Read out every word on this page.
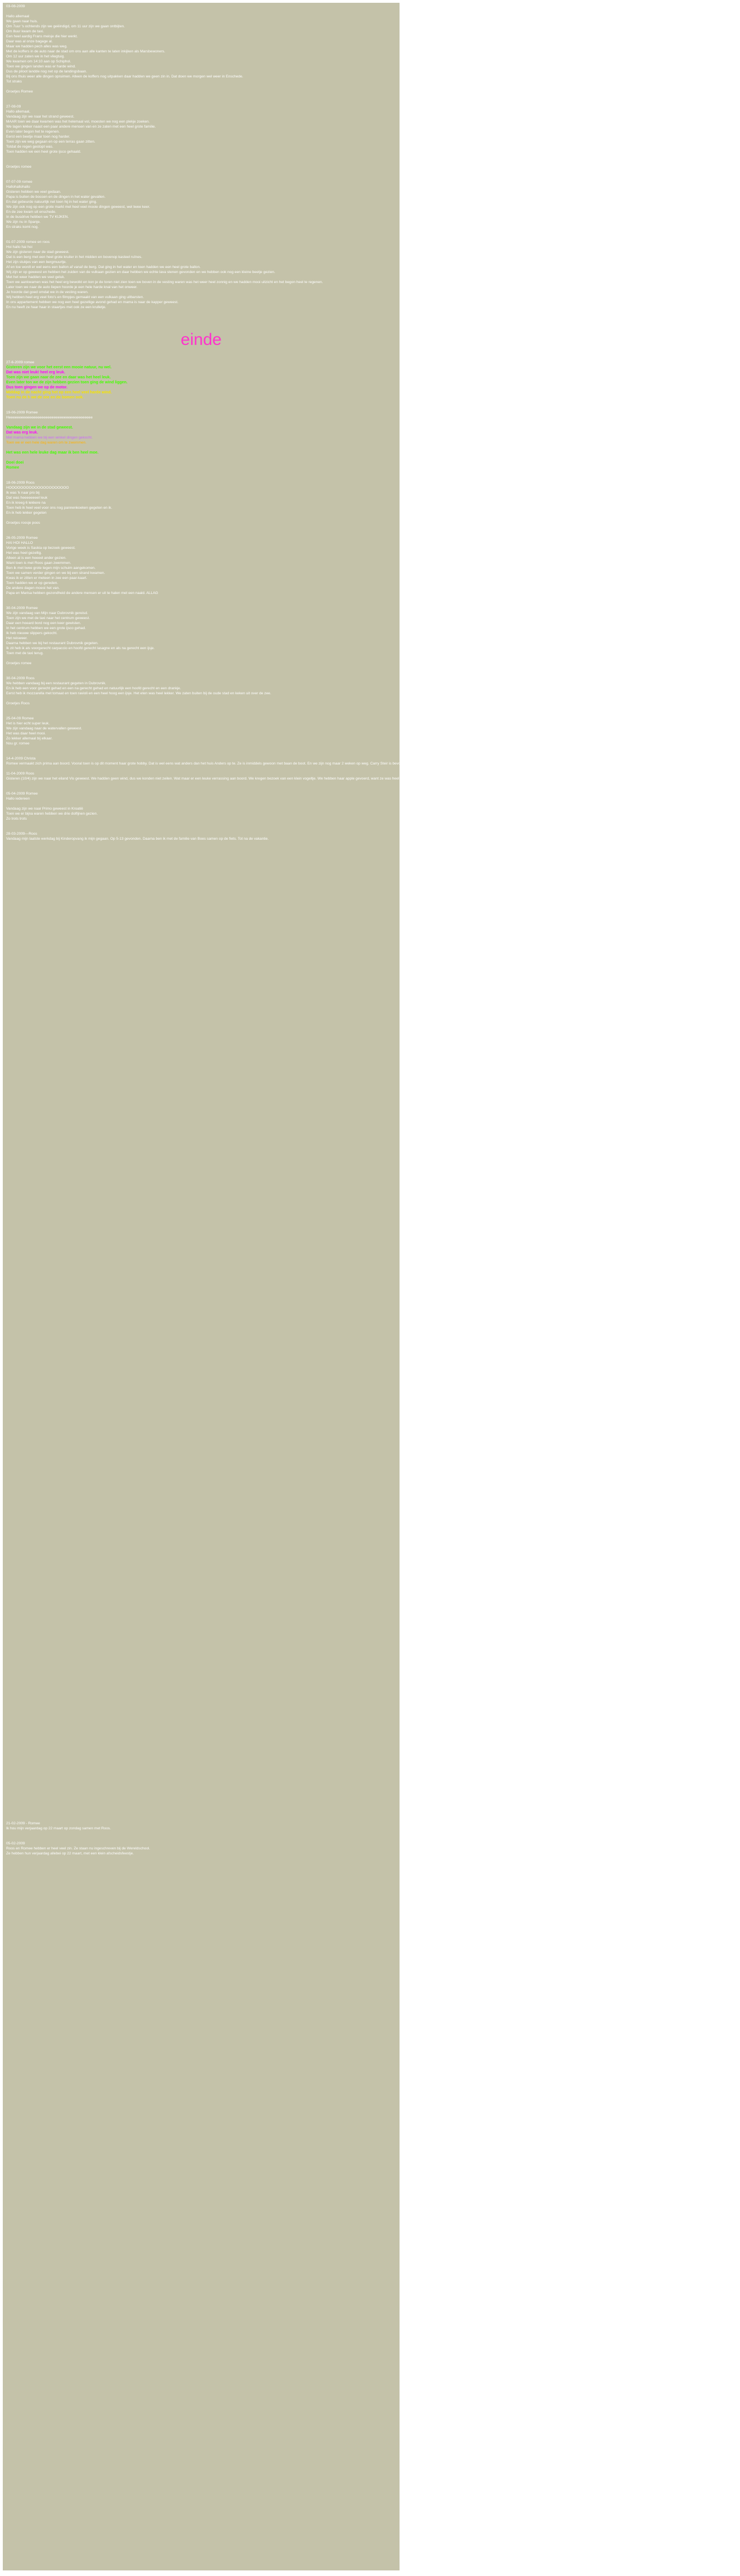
03-08-2009
Hallo allemaal
We gaan naar huis.
Om 7uur 's ochtends zijn we geëindigd, om 11 uur zijn we gaan ontbijten.
Om 8uur kwam de taxi.
Een heel aardig Frans meisje die hier werkt.
Daar was al onze bagage al.
Maar we hadden pech alles was weg.
Met de koffers in de auto naar de stad om ons aan alle kanten te laten inkijken als Marsbewoners.
Om 12 uur zaten we in het vliegtuig.
We kwamen om 14:10 aan op Schiphol.
Toen we gingen landen was er harde wind.
Dus de piloot landde nog net op de landingsbaan.
Bij ons thuis weer alle dingen opruimen. Alleen de koffers nog uitpakken daar hadden we geen zin in. Dat doen we morgen wel weer in Enschede.
Tot straks
Groetjes Romee
27-08-09
Hallo allemaal,
Vandaag zijn we naar het strand geweest.
MAAR toen we daar kwamen was het helemaal vol, moesten we nog een plekje zoeken.
We lagen lekker naast een paar andere mensen van en ze zaten met een heel grote familie.
Even later begon het te regenen.
Eerst een beetje maar toen nog harder.
Toen zijn we weg gegaan en op een terras gaan zitten.
Totdat de regen gestopt was.
Toen hadden we een heel grote ijsco gehaald.
Groetjes romee
07-07-09 romee
Hallohallohallo
Gisteren hebben we veel gedaan.
Papa is buiten de bossen en de dingen in het water gevallen.
En dat gebeurde natuurlijk net toen hij in het water ging.
We zijn ook nog op een grote markt met heel veel mooie dingen geweest, wel twee keer.
En de zee kwam uit enschede.
In de busdrive hebben we TV KIJKEN.
We zijn nu in Spanje.
En straks komt nog.
01-07-2009 romee en roos
Hoi hallo hai hoi
We zijn gisteren naar de stad geweest.
Dat is een berg met een heel grote kruiter in het midden en bovenop kasteel ruïnes.
Het zijn stukjes van een bergmuurtje.
Af en toe wordt er wel eens een ballon af vanaf de berg. Dat ging in het water en toen hadden we een heel grote ballon.
Wij zijn er op geweest en hebben het zuiden van de vulkaan gezien en daar hebben we echte lava stenen gevonden en we hebben ook nog een kleine beetje gezien.
Met het weer hadden we veel geluk.
Toen we aankwamen was het heel erg bewolkt en kon je de toren niet zien toen we boven in de vesting waren was het weer heel zonnig en we hadden mooi uitzicht en het begon heel te regenen.
Later toen we naar de auto liepen hoorde je een hele harde knal van het onweer.
Je hoorde dat goed omdat we in de vesting waren.
Wij hebben heel erg veel foto's en filmpjes gemaakt van een vulkaan ging uitbarsten.
In ons appartement hebben we nog een heel gezellige avond gehad en mama is naar de kapper geweest.
En nu heeft ze haar haar in staartjes met ook ze een krulletje.
einde
27-6-2009 romee
Gisteren zijn we voor het eerst een mooie natuur, nu wel.
Dat was niet leuk! heel erg leuk.
Toen zijn we gaan naar de zee en daar was het heel leuk.
Even later ton we de zijn hebben gezien toen ging de wind liggen.
Dus toen gingen we op de motor.
Middag in de nacht ging het op een heel veel harde wind.
Toen nu de h we de zee en de bomen ook.
19-06-2009 Romee
Heeeeeeeeeeeeeeeeeeeeeeeeeeeeeeeeeeeeeeeee
Vandaag zijn we in de stad geweest.
Dat was erg leuk.
Met mama hebben we bij een winkel dingen gekocht.
Toen we er een hele dag waren om te zwemmen.
Het was een hele leuke dag maar ik ben heel moe.
Doei doei
Romee
18-06-2009 Roos
HOOOOOOOOOOOOOOOOOOOOO
Ik was 'k naar pro bij
Dat was heeeeeeeel leuk
En ik kreeg 6 lekkere na
Toen heb ik heel veel voor ons nog pannenkoeken gegeten en ik.
En ik heb lekker gegeten
Groetjes roosje poos
26-05-2009 Romee
HAI HOI HALLO
Vorige week is Saskia op bezoek geweest.
Het was heel gezellig.
Alleen al is een heeeel ander gezien.
Want toen is met Roos gaan zwemmen.
Ben ik met twee grote tegen mijn schuim aangekomen.
Toen we samen verder gingen en we bij een strand kwamen.
Kwas ik er zitten er meteen in zee een paar-kaart.
Toen hadden we er op gereden.
De andere dagen moest het van.
Papa en Marisa hebben gezondheid de andere mensen er uit te halen met een naald. ALLAG
30-04-2009 Romee
We zijn vandaag van Mijn naar Dubrovnik gereisd.
Toen zijn we met de taxi naar het centrum geweest.
Daar een hoeard bord nog een keer gewisten.
In het centrum hebben we een grote ijsco gehad.
Ik heb nieuwe slippers gekocht.
Het reisweer.
Daarna hebben we bij het restaurant Dubrovnik gegeten.
Ik zit heb ik als voorgerecht carpaccio en hoofd gerecht lasagne en als na gerecht een ijsje.
Toen met de taxi terug.
Groetjes romee
30-04-2009 Roos
We hebben vandaag bij een restaurant gegeten in Dubrovnik.
En ik heb een voor gerecht gehad en een na gerecht gehad en natuurlijk een hoofd gerecht en een drankje.
Eerst heb ik mozzarella met tomaat en toen ravioli en een heel hoog een ijsje. Het eten was heel lekker. We zaten buiten bij de oude stad en keken uit over de zee.
Groetjes Roos
25-04-09 Romee
Het is hier echt super leuk.
We zijn vandaag naar de watervallen geweest.
Het was daar heel mooi.
Zo lekker allemaal bij elkaar.
Nou gr. romee
14-4-2009 Christa
Romee vermaakt zich prima aan boord. Vooral toen is op dit moment haar grote hobby. Dat is wel eens wat anders dan het huis Anders op te. Ze is inmiddels gewoon met baan de boot. En we zijn nog maar 2 weken op weg. Carry Steir is bevolkt. Met bies een heel grote Vrienden Rosula, die haar veel tussen met Carry Steir heeft gekend.
11-04-2009 Roos
Gisteren (10/4) zijn we naar het eiland Vis geweest. We hadden geen wind, dus we konden niet zeilen. Wat maar er een leuke verrassing aan boord. We kregen bezoek van een klein vogeltje. We hebben haar apple gevoerd, want ze was heel uitgeputte. Ze ging bij ons binnen in de kajuit. Nadat we ook allemaal een nacht gingen slapen was het vogeltje er de volgende dag niet meer. Ze ging met de boot mee, maar wel een eind van ons landgenoten.
05-04-2009 Romee
Hallo iedereen
Vandaag zijn we naar Primo geweest in Kroatië
Toen we er bijna waren hebben we drie dolfijnen gezien.
Zo trots trots
28-03-2009—Roos
Vandaag mijn laatste werkdag bij Kinderopvang ik mijn gegaan. Op 5-13 gevonden. Daarna ben ik met de familie van Boes samen op de fiets. Tot na de vakantie.
21-02-2009 - Romee
Ik hou mijn verjaardag op 22 maart op zondag samen met Roos.
05-02-2009
Roos en Romee hebben er heel veel zin. Ze staan nu ingeschreven bij de Wereldschool.
Ze hebben hun verjaardag allebei op 22 maart, met een klein afscheidsfeestje.
